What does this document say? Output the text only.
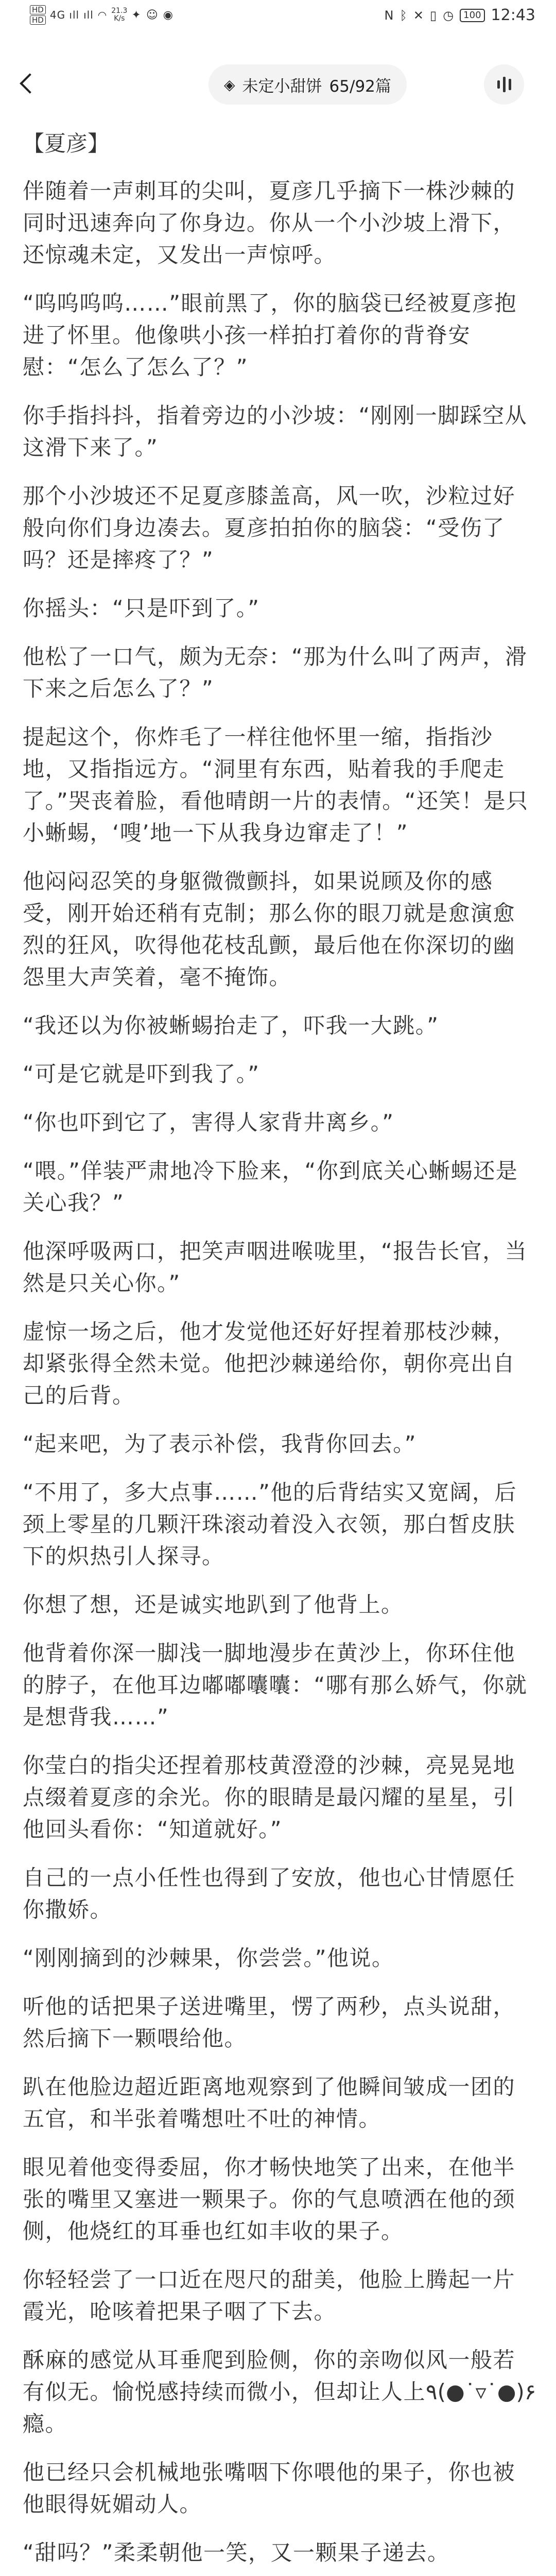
HD
HD 4G ıll ıll ◠ 21.3
K/s ✦ ☺ ◉	N ᛒ ✕ ▯ ◷	100 12:43
◈ 未定小甜饼 65/92篇
【夏彦】
伴随着一声刺耳的尖叫，夏彦几乎摘下一株沙棘的同时迅速奔向了你身边。你从一个小沙坡上滑下，还惊魂未定，又发出一声惊呼。
“呜呜呜呜……”眼前黑了，你的脑袋已经被夏彦抱进了怀里。他像哄小孩一样拍打着你的背脊安慰：“怎么了怎么了？”
你手指抖抖，指着旁边的小沙坡：“刚刚一脚踩空从这滑下来了。”
那个小沙坡还不足夏彦膝盖高，风一吹，沙粒过好般向你们身边凑去。夏彦拍拍你的脑袋：“受伤了吗？还是摔疼了？”
你摇头：“只是吓到了。”
他松了一口气，颇为无奈：“那为什么叫了两声，滑下来之后怎么了？”
提起这个，你炸毛了一样往他怀里一缩，指指沙地，又指指远方。“洞里有东西，贴着我的手爬走了。”哭丧着脸，看他晴朗一片的表情。“还笑！是只小蜥蜴，‘嗖’地一下从我身边窜走了！”
他闷闷忍笑的身躯微微颤抖，如果说顾及你的感受，刚开始还稍有克制；那么你的眼刀就是愈演愈烈的狂风，吹得他花枝乱颤，最后他在你深切的幽怨里大声笑着，毫不掩饰。
“我还以为你被蜥蜴抬走了，吓我一大跳。”
“可是它就是吓到我了。”
“你也吓到它了，害得人家背井离乡。”
“喂。”佯装严肃地冷下脸来，“你到底关心蜥蜴还是关心我？”
他深呼吸两口，把笑声咽进喉咙里，“报告长官，当然是只关心你。”
虚惊一场之后，他才发觉他还好好捏着那枝沙棘，却紧张得全然未觉。他把沙棘递给你，朝你亮出自己的后背。
“起来吧，为了表示补偿，我背你回去。”
“不用了，多大点事……”他的后背结实又宽阔，后颈上零星的几颗汗珠滚动着没入衣领，那白皙皮肤下的炽热引人探寻。
你想了想，还是诚实地趴到了他背上。
他背着你深一脚浅一脚地漫步在黄沙上，你环住他的脖子，在他耳边嘟嘟囔囔：“哪有那么娇气，你就是想背我……”
你莹白的指尖还捏着那枝黄澄澄的沙棘，亮晃晃地点缀着夏彦的余光。你的眼睛是最闪耀的星星，引他回头看你：“知道就好。”
自己的一点小任性也得到了安放，他也心甘情愿任你撒娇。
“刚刚摘到的沙棘果，你尝尝。”他说。
听他的话把果子送进嘴里，愣了两秒，点头说甜，然后摘下一颗喂给他。
趴在他脸边超近距离地观察到了他瞬间皱成一团的五官，和半张着嘴想吐不吐的神情。
眼见着他变得委屈，你才畅快地笑了出来，在他半张的嘴里又塞进一颗果子。你的气息喷洒在他的颈侧，他烧红的耳垂也红如丰收的果子。
你轻轻尝了一口近在咫尺的甜美，他脸上腾起一片霞光，呛咳着把果子咽了下去。
酥麻的感觉从耳垂爬到脸侧，你的亲吻似风一般若有似无。愉悦感持续而微小，但却让人上٩(●˙▿˙●)۶瘾。
他已经只会机械地张嘴咽下你喂他的果子，你也被他眼得妩媚动人。
“甜吗？”柔柔朝他一笑，又一颗果子递去。
